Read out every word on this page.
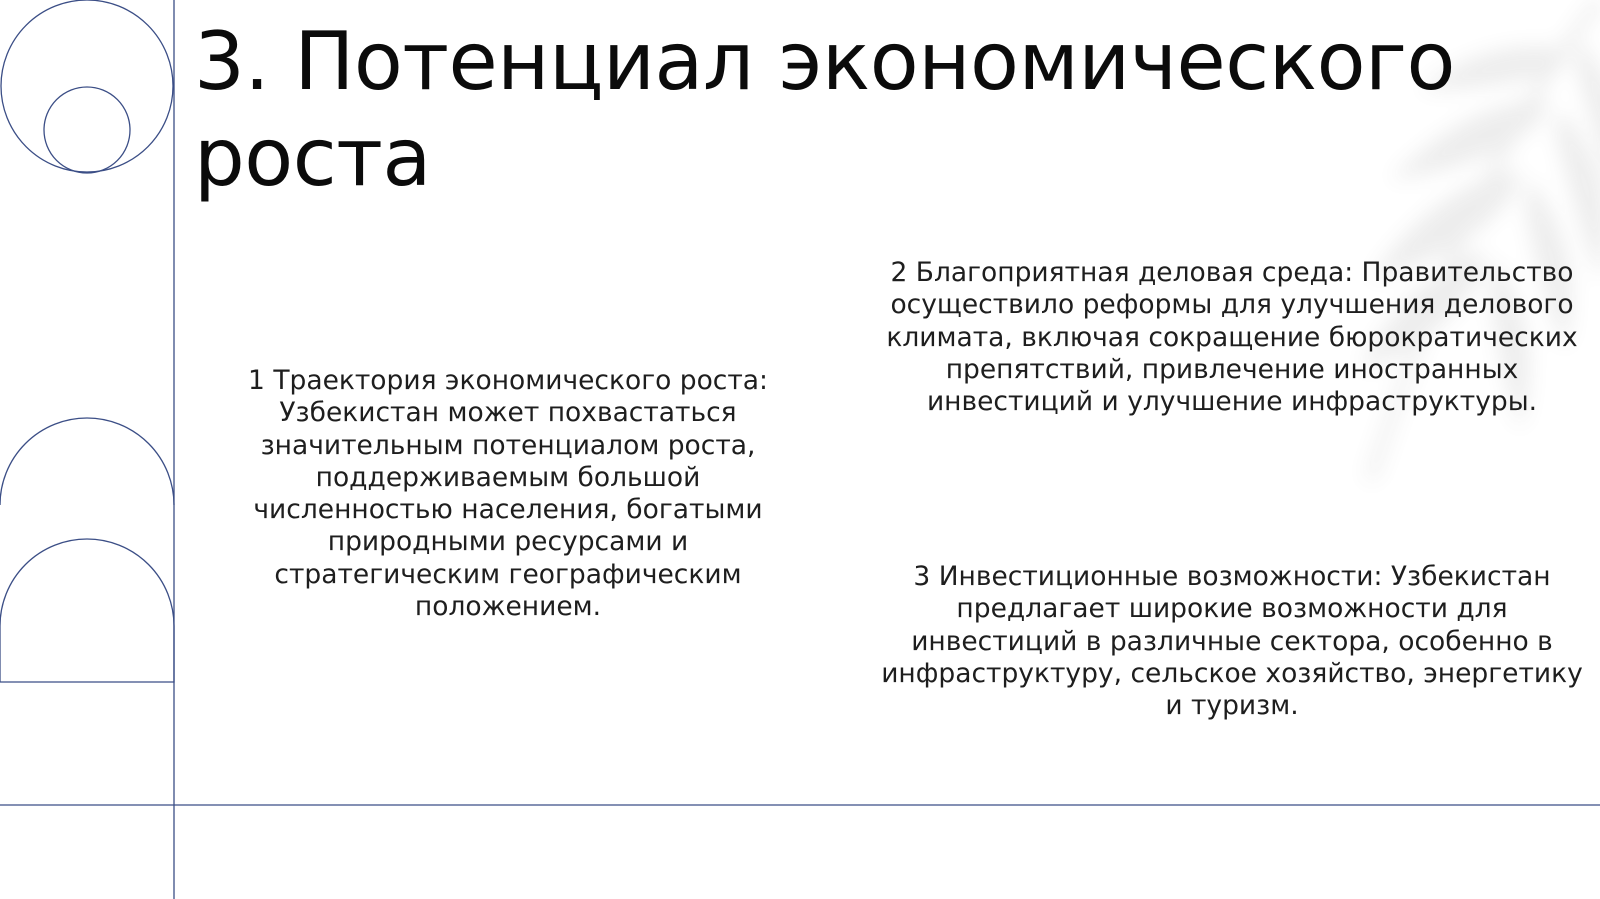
3. Потенциал экономического роста

1 Траектория экономического роста: Узбекистан может похвастаться значительным потенциалом роста, поддерживаемым большой численностью населения, богатыми природными ресурсами и стратегическим географическим положением.

2 Благоприятная деловая среда: Правительство осуществило реформы для улучшения делового климата, включая сокращение бюрократических препятствий, привлечение иностранных инвестиций и улучшение инфраструктуры.

3 Инвестиционные возможности: Узбекистан предлагает широкие возможности для инвестиций в различные сектора, особенно в инфраструктуру, сельское хозяйство, энергетику и туризм.
